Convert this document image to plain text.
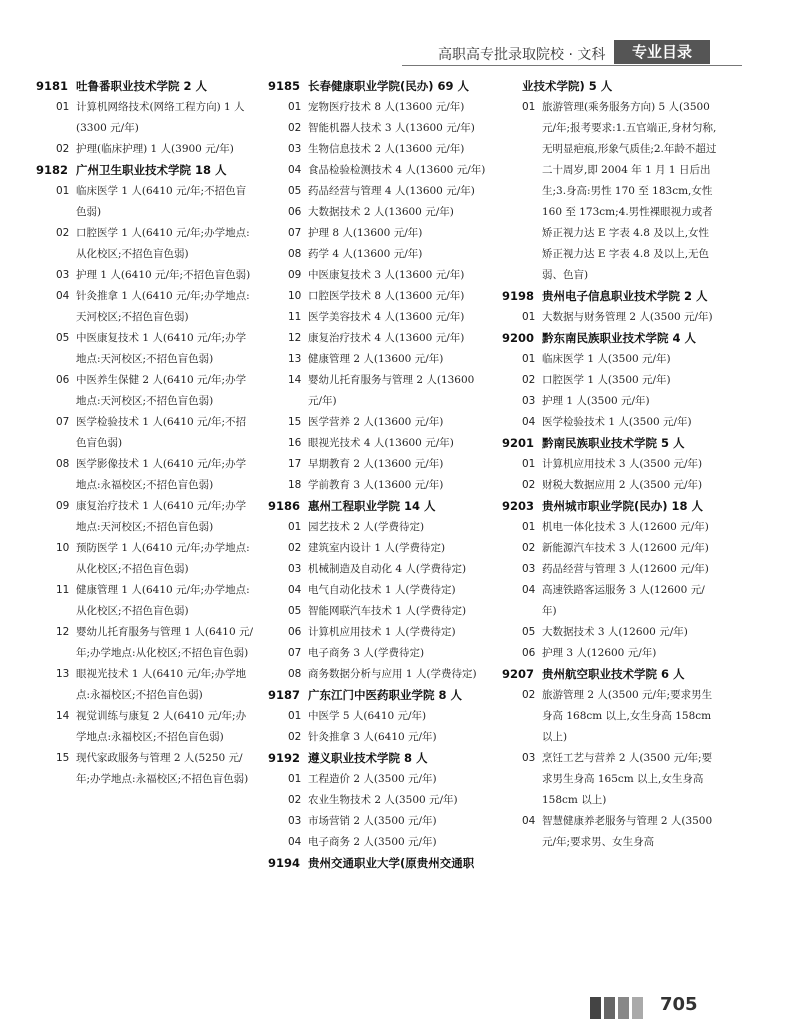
高职高专批录取院校 · 文科	专业目录
9181 吐鲁番职业技术学院 2 人
01 计算机网络技术(网络工程方向) 1 人(3300 元/年)
02 护理(临床护理) 1 人(3900 元/年)
9182 广州卫生职业技术学院 18 人
01 临床医学 1 人(6410 元/年;不招色盲色弱)
02 口腔医学 1 人(6410 元/年;办学地点:从化校区;不招色盲色弱)
03 护理 1 人(6410 元/年;不招色盲色弱)
04 针灸推拿 1 人(6410 元/年;办学地点:天河校区;不招色盲色弱)
05 中医康复技术 1 人(6410 元/年;办学地点:天河校区;不招色盲色弱)
06 中医养生保健 2 人(6410 元/年;办学地点:天河校区;不招色盲色弱)
07 医学检验技术 1 人(6410 元/年;不招色盲色弱)
08 医学影像技术 1 人(6410 元/年;办学地点:永福校区;不招色盲色弱)
09 康复治疗技术 1 人(6410 元/年;办学地点:天河校区;不招色盲色弱)
10 预防医学 1 人(6410 元/年;办学地点:从化校区;不招色盲色弱)
11 健康管理 1 人(6410 元/年;办学地点:从化校区;不招色盲色弱)
12 婴幼儿托育服务与管理 1 人(6410 元/年;办学地点:从化校区;不招色盲色弱)
13 眼视光技术 1 人(6410 元/年;办学地点:永福校区;不招色盲色弱)
14 视觉训练与康复 2 人(6410 元/年;办学地点:永福校区;不招色盲色弱)
15 现代家政服务与管理 2 人(5250 元/年;办学地点:永福校区;不招色盲色弱)
9185 长春健康职业学院(民办) 69 人
01 宠物医疗技术 8 人(13600 元/年)
02 智能机器人技术 3 人(13600 元/年)
03 生物信息技术 2 人(13600 元/年)
04 食品检验检测技术 4 人(13600 元/年)
05 药品经营与管理 4 人(13600 元/年)
06 大数据技术 2 人(13600 元/年)
07 护理 8 人(13600 元/年)
08 药学 4 人(13600 元/年)
09 中医康复技术 3 人(13600 元/年)
10 口腔医学技术 8 人(13600 元/年)
11 医学美容技术 4 人(13600 元/年)
12 康复治疗技术 4 人(13600 元/年)
13 健康管理 2 人(13600 元/年)
14 婴幼儿托育服务与管理 2 人(13600 元/年)
15 医学营养 2 人(13600 元/年)
16 眼视光技术 4 人(13600 元/年)
17 早期教育 2 人(13600 元/年)
18 学前教育 3 人(13600 元/年)
9186 惠州工程职业学院 14 人
01 园艺技术 2 人(学费待定)
02 建筑室内设计 1 人(学费待定)
03 机械制造及自动化 4 人(学费待定)
04 电气自动化技术 1 人(学费待定)
05 智能网联汽车技术 1 人(学费待定)
06 计算机应用技术 1 人(学费待定)
07 电子商务 3 人(学费待定)
08 商务数据分析与应用 1 人(学费待定)
9187 广东江门中医药职业学院 8 人
01 中医学 5 人(6410 元/年)
02 针灸推拿 3 人(6410 元/年)
9192 遵义职业技术学院 8 人
01 工程造价 2 人(3500 元/年)
02 农业生物技术 2 人(3500 元/年)
03 市场营销 2 人(3500 元/年)
04 电子商务 2 人(3500 元/年)
9194 贵州交通职业大学(原贵州交通职
业技术学院) 5 人
01 旅游管理(乘务服务方向) 5 人(3500 元/年;报考要求:1.五官端正,身材匀称,无明显疤痕,形象气质佳;2.年龄不超过二十周岁,即 2004 年 1 月 1 日后出生;3.身高:男性 170 至 183cm,女性 160 至 173cm;4.男性裸眼视力或者矫正视力达 E 字表 4.8 及以上,女性矫正视力达 E 字表 4.8 及以上,无色弱、色盲)
9198 贵州电子信息职业技术学院 2 人
01 大数据与财务管理 2 人(3500 元/年)
9200 黔东南民族职业技术学院 4 人
01 临床医学 1 人(3500 元/年)
02 口腔医学 1 人(3500 元/年)
03 护理 1 人(3500 元/年)
04 医学检验技术 1 人(3500 元/年)
9201 黔南民族职业技术学院 5 人
01 计算机应用技术 3 人(3500 元/年)
02 财税大数据应用 2 人(3500 元/年)
9203 贵州城市职业学院(民办) 18 人
01 机电一体化技术 3 人(12600 元/年)
02 新能源汽车技术 3 人(12600 元/年)
03 药品经营与管理 3 人(12600 元/年)
04 高速铁路客运服务 3 人(12600 元/年)
05 大数据技术 3 人(12600 元/年)
06 护理 3 人(12600 元/年)
9207 贵州航空职业技术学院 6 人
02 旅游管理 2 人(3500 元/年;要求男生身高 168cm 以上,女生身高 158cm 以上)
03 烹饪工艺与营养 2 人(3500 元/年;要求男生身高 165cm 以上,女生身高 158cm 以上)
04 智慧健康养老服务与管理 2 人(3500 元/年;要求男、女生身高
705
